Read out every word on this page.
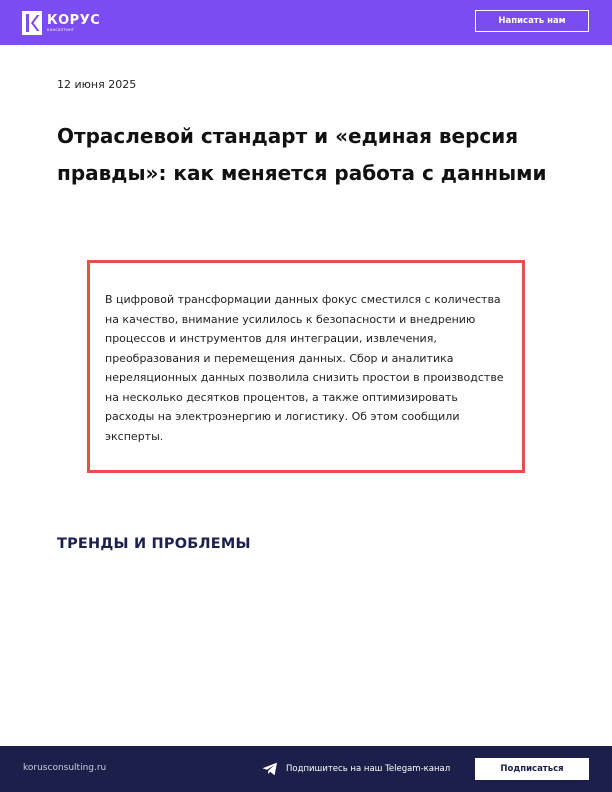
КОРУС
консалтинг
Написать нам
12 июня 2025
Отраслевой стандарт и «единая версия правды»: как меняется работа с данными

В цифровой трансформации данных фокус сместился с количества на качество, внимание усилилось к безопасности и внедрению процессов и инструментов для интеграции, извлечения, преобразования и перемещения данных. Сбор и аналитика нереляционных данных позволила снизить простои в производстве на несколько десятков процентов, а также оптимизировать расходы на электроэнергию и логистику. Об этом сообщили эксперты.

ТРЕНДЫ И ПРОБЛЕМЫ
korusconsulting.ru	Подпишитесь на наш Telegam-канал	Подписаться
